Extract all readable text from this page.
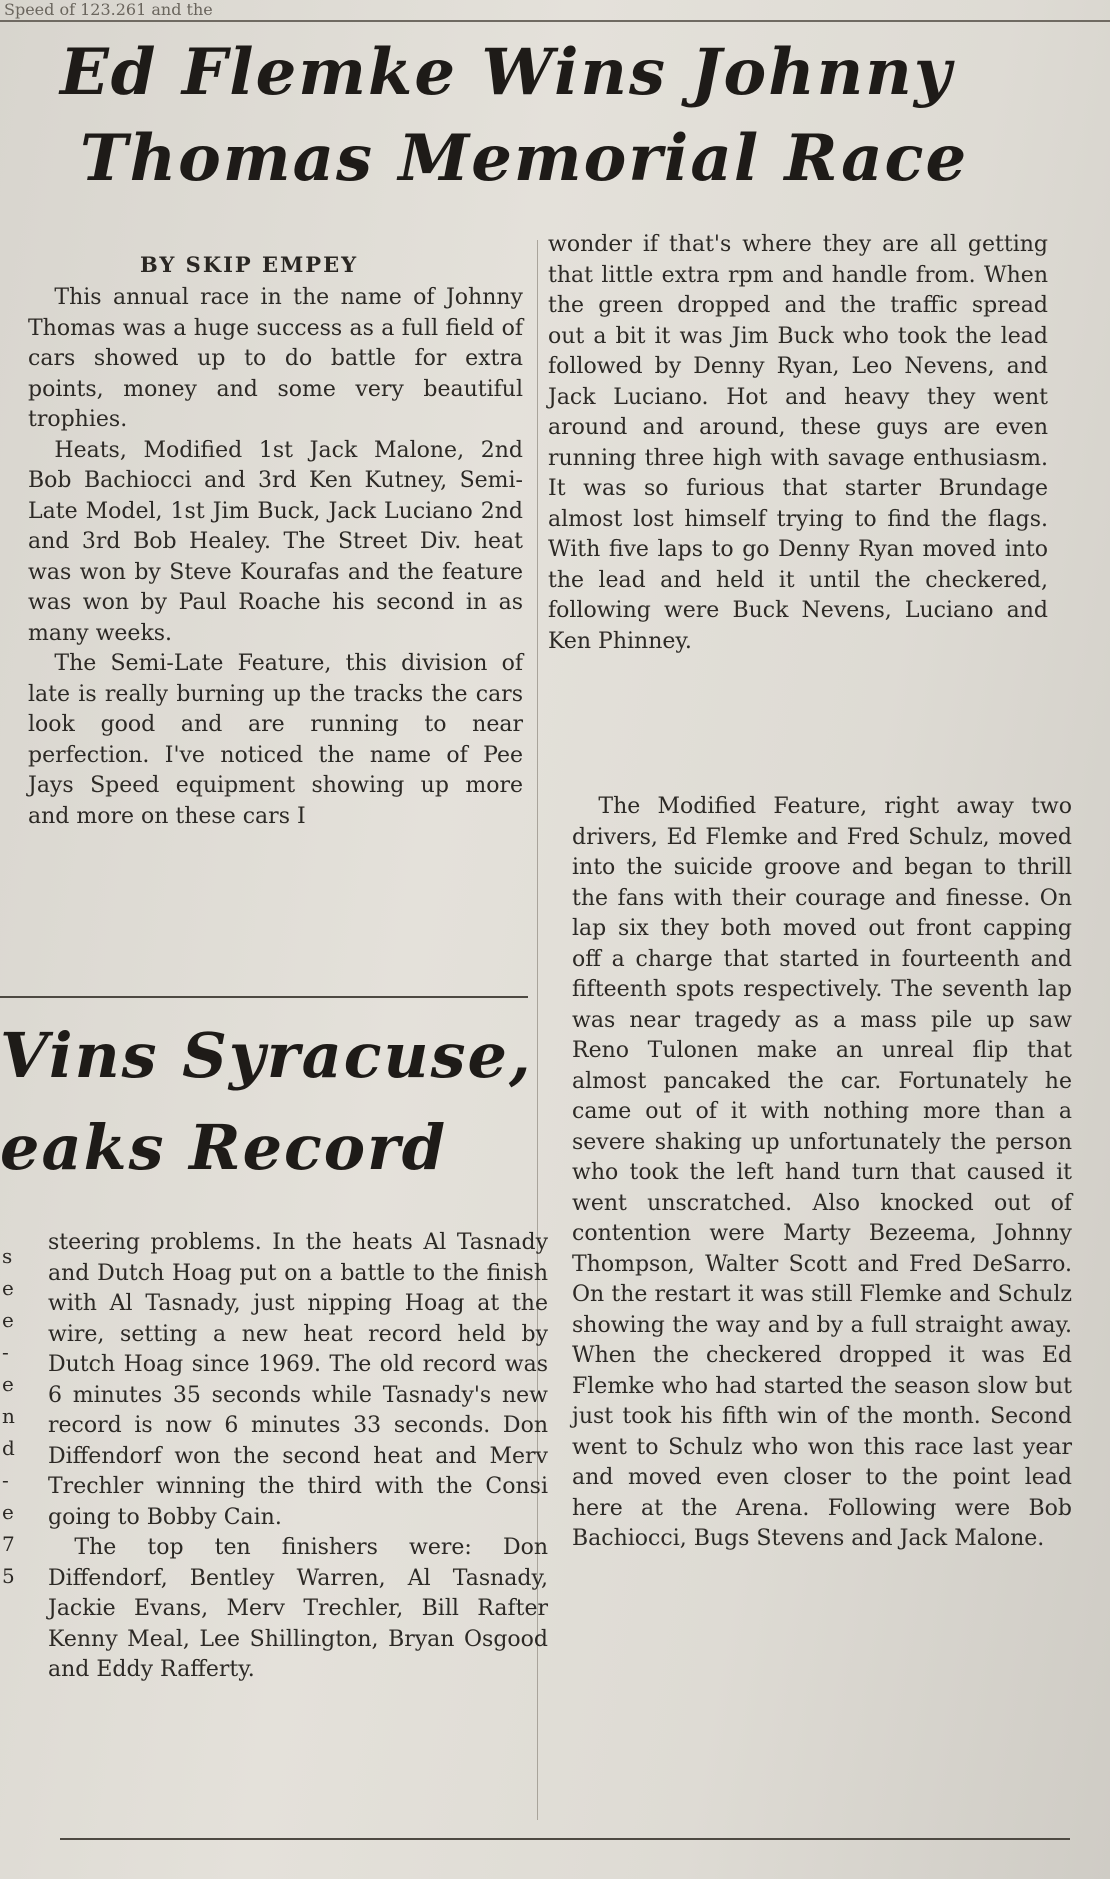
Speed of 123.261 and the
Ed Flemke Wins Johnny
Thomas Memorial Race
BY SKIP EMPEY

This annual race in the name of Johnny Thomas was a huge success as a full field of cars showed up to do battle for extra points, money and some very beautiful trophies.

Heats, Modified 1st Jack Malone, 2nd Bob Bachiocci and 3rd Ken Kutney, Semi-Late Model, 1st Jim Buck, Jack Luciano 2nd and 3rd Bob Healey. The Street Div. heat was won by Steve Kourafas and the feature was won by Paul Roache his second in as many weeks.

The Semi-Late Feature, this division of late is really burning up the tracks the cars look good and are running to near perfection. I've noticed the name of Pee Jays Speed equipment showing up more and more on these cars I

wonder if that's where they are all getting that little extra rpm and handle from. When the green dropped and the traffic spread out a bit it was Jim Buck who took the lead followed by Denny Ryan, Leo Nevens, and Jack Luciano. Hot and heavy they went around and around, these guys are even running three high with savage enthusiasm. It was so furious that starter Brundage almost lost himself trying to find the flags. With five laps to go Denny Ryan moved into the lead and held it until the checkered, following were Buck Nevens, Luciano and Ken Phinney.

The Modified Feature, right away two drivers, Ed Flemke and Fred Schulz, moved into the suicide groove and began to thrill the fans with their courage and finesse. On lap six they both moved out front capping off a charge that started in fourteenth and fifteenth spots respectively. The seventh lap was near tragedy as a mass pile up saw Reno Tulonen make an unreal flip that almost pancaked the car. Fortunately he came out of it with nothing more than a severe shaking up unfortunately the person who took the left hand turn that caused it went unscratched. Also knocked out of contention were Marty Bezeema, Johnny Thompson, Walter Scott and Fred DeSarro. On the restart it was still Flemke and Schulz showing the way and by a full straight away. When the checkered dropped it was Ed Flemke who had started the season slow but just took his fifth win of the month. Second went to Schulz who won this race last year and moved even closer to the point lead here at the Arena. Following were Bob Bachiocci, Bugs Stevens and Jack Malone.

Vins Syracuse,
eaks Record
s
e
e
-
e
n
d
-
e
7
5

steering problems. In the heats Al Tasnady and Dutch Hoag put on a battle to the finish with Al Tasnady, just nipping Hoag at the wire, setting a new heat record held by Dutch Hoag since 1969. The old record was 6 minutes 35 seconds while Tasnady's new record is now 6 minutes 33 seconds. Don Diffendorf won the second heat and Merv Trechler winning the third with the Consi going to Bobby Cain.

The top ten finishers were: Don Diffendorf, Bentley Warren, Al Tasnady, Jackie Evans, Merv Trechler, Bill Rafter Kenny Meal, Lee Shillington, Bryan Osgood and Eddy Rafferty.
